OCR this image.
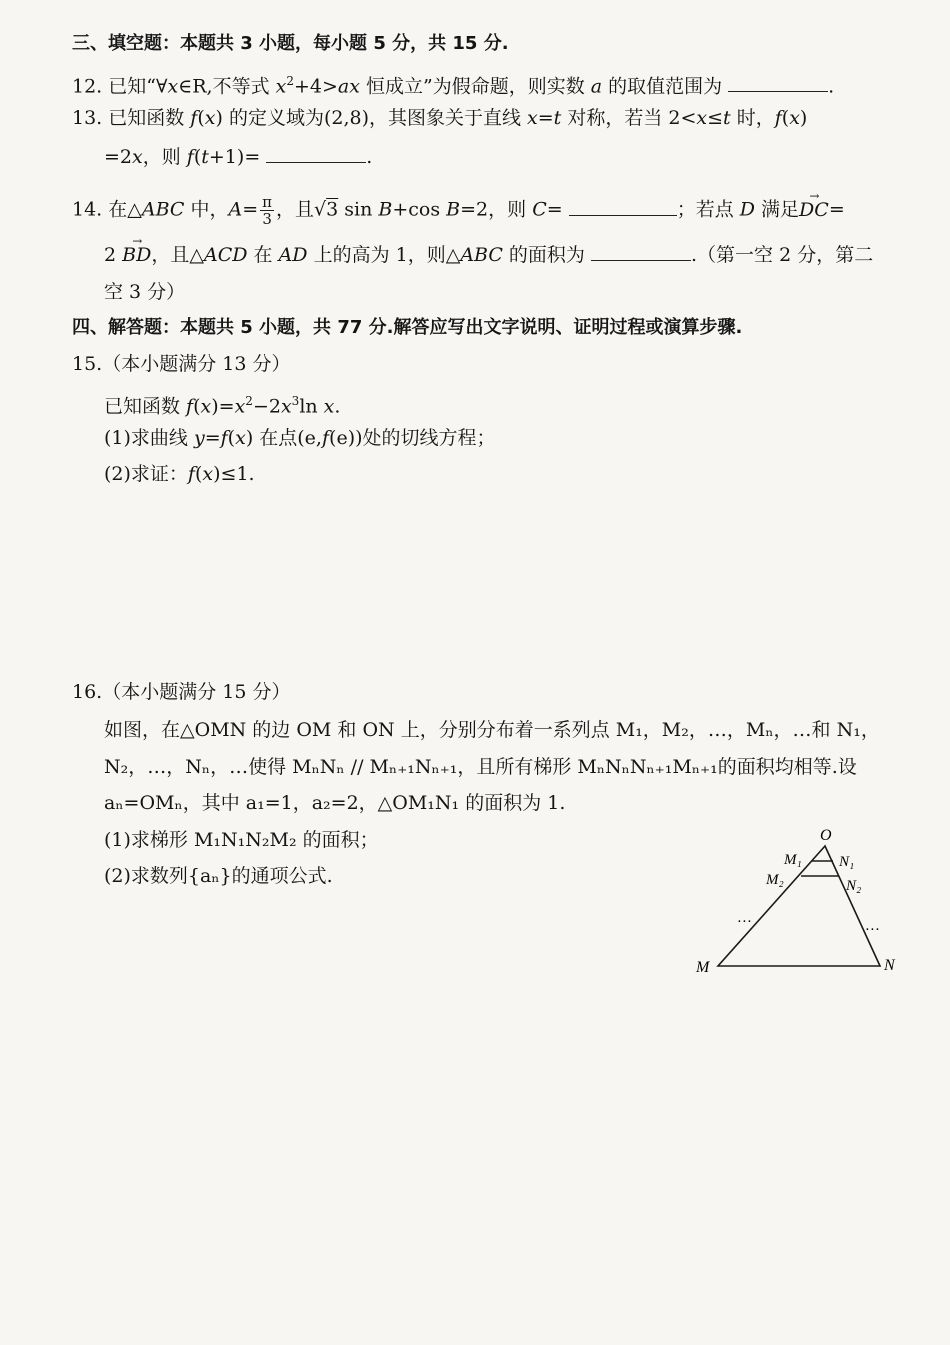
三、填空题：本题共 3 小题，每小题 5 分，共 15 分.
12. 已知“∀x∈R,不等式 $x^2+4>ax$ 恒成立”为假命题，则实数 a 的取值范围为	.
13. 已知函数 f(x) 的定义域为(2,8)，其图象关于直线 x=t 对称，若当 2<x≤t 时，f(x)
=2x，则 f(t+1)=	.
14. 在△ABC 中，$A= \frac{\pi}{3}$ ，且√3 sin B+cos B=2，则 C=	；若点 D 满足→ DC=
2 → BD，且△ACD 在 AD 上的高为 1，则△ABC 的面积为	.（第一空 2 分，第二
空 3 分）
四、解答题：本题共 5 小题，共 77 分.解答应写出文字说明、证明过程或演算步骤.
15.（本小题满分 13 分）
已知函数 $f(x)=x^2-2x^3\ln$ x.
(1)求曲线 y=f(x) 在点(e,f(e))处的切线方程；
(2)求证：f(x)≤1.
16.（本小题满分 15 分）
如图，在△OMN 的边 OM 和 ON 上，分别分布着一系列点 M₁，M₂，…，Mₙ，…和 N₁，
N₂，…，Nₙ，…使得 MₙNₙ // Mₙ₊₁Nₙ₊₁，且所有梯形 MₙNₙNₙ₊₁Mₙ₊₁的面积均相等.设
aₙ=OMₙ，其中 a₁=1，a₂=2，△OM₁N₁ 的面积为 1.
(1)求梯形 M₁N₁N₂M₂ 的面积；
(2)求数列{aₙ}的通项公式.
O
M₁ N₁
M₂	N₂
…	…
M	N
